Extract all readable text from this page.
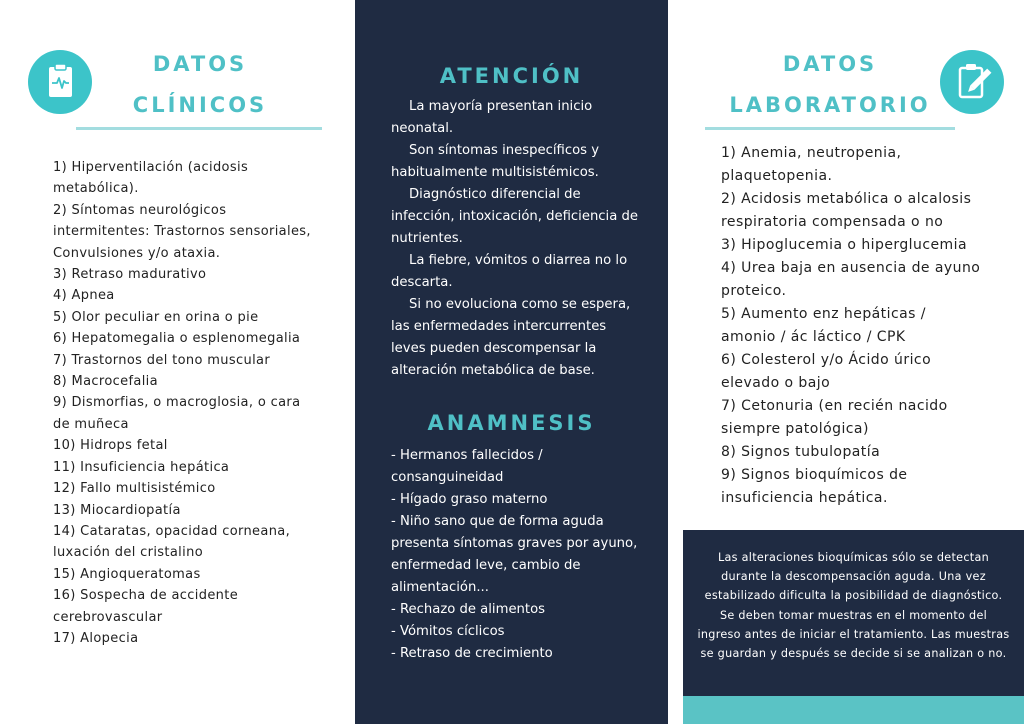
DATOS
CLÍNICOS
1) Hiperventilación (acidosis metabólica).
2) Síntomas neurológicos intermitentes: Trastornos sensoriales, Convulsiones y/o ataxia.
3) Retraso madurativo
4) Apnea
5) Olor peculiar en orina o pie
6) Hepatomegalia o esplenomegalia
7) Trastornos del tono muscular
8) Macrocefalia
9) Dismorfias, o macroglosia, o cara de muñeca
10) Hidrops fetal
11) Insuficiencia hepática
12) Fallo multisistémico
13) Miocardiopatía
14) Cataratas, opacidad corneana, luxación del cristalino
15) Angioqueratomas
16) Sospecha de accidente cerebrovascular
17) Alopecia
ATENCIÓN

La mayoría presentan inicio neonatal.

Son síntomas inespecíficos y habitualmente multisistémicos.

Diagnóstico diferencial de infección, intoxicación, deficiencia de nutrientes.

La fiebre, vómitos o diarrea no lo descarta.

Si no evoluciona como se espera, las enfermedades intercurrentes leves pueden descompensar la alteración metabólica de base.

ANAMNESIS
- Hermanos fallecidos / consanguineidad
- Hígado graso materno
- Niño sano que de forma aguda presenta síntomas graves por ayuno, enfermedad leve, cambio de alimentación...
- Rechazo de alimentos
- Vómitos cíclicos
- Retraso de crecimiento
DATOS
LABORATORIO
1) Anemia, neutropenia, plaquetopenia.
2) Acidosis metabólica o alcalosis respiratoria compensada o no
3) Hipoglucemia o hiperglucemia
4) Urea baja en ausencia de ayuno proteico.
5) Aumento enz hepáticas / amonio / ác láctico / CPK
6) Colesterol y/o Ácido úrico elevado o bajo
7) Cetonuria (en recién nacido siempre patológica)
8) Signos tubulopatía
9) Signos bioquímicos de insuficiencia hepática.
Las alteraciones bioquímicas sólo se detectan durante la descompensación aguda. Una vez estabilizado dificulta la posibilidad de diagnóstico. Se deben tomar muestras en el momento del ingreso antes de iniciar el tratamiento. Las muestras se guardan y después se decide si se analizan o no.
